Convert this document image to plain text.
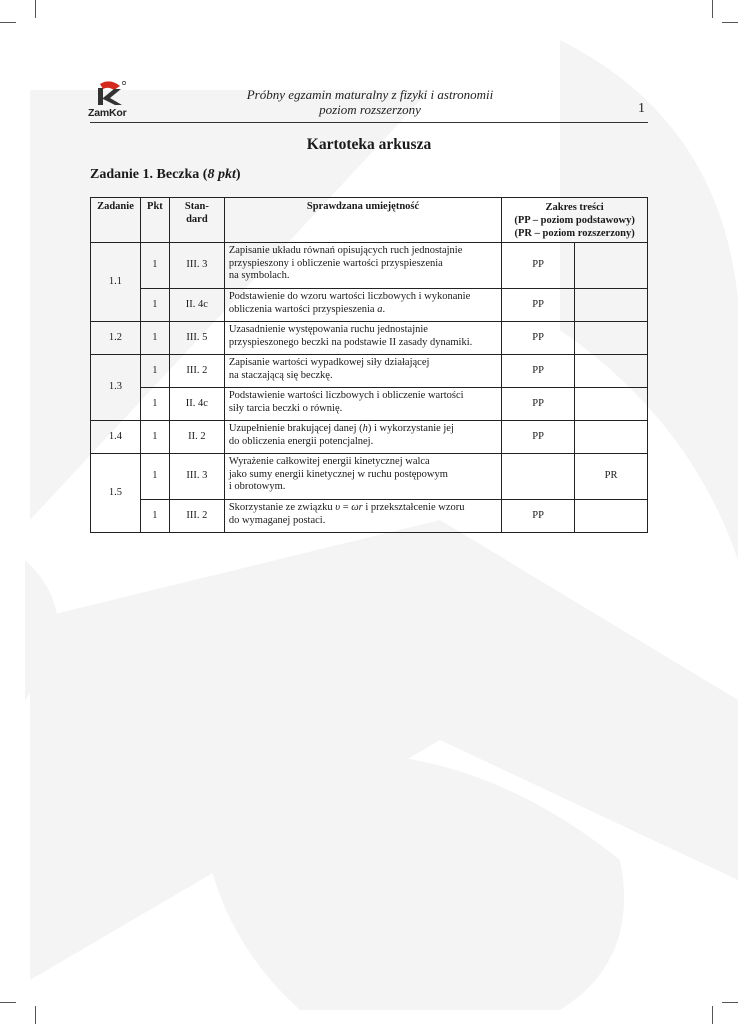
ZamKor
Próbny egzamin maturalny z fizyki i astronomii
poziom rozszerzony	1
Kartoteka arkusza
Zadanie 1. Beczka (8 pkt)
Zadanie	Pkt	Stan-
dard	Sprawdzana umiejętność	Zakres treści
(PP – poziom podstawowy)
(PR – poziom rozszerzony)	
1.1	1	III. 3	Zapisanie układu równań opisujących ruch jednostajnie
przyspieszony i obliczenie wartości przyspieszenia
na symbolach.	PP	
	1	II. 4c	Podstawienie do wzoru wartości liczbowych i wykonanie
obliczenia wartości przyspieszenia a.	PP	
1.2	1	III. 5	Uzasadnienie występowania ruchu jednostajnie
przyspieszonego beczki na podstawie II zasady dynamiki.	PP	
1.3	1	III. 2	Zapisanie wartości wypadkowej siły działającej
na staczającą się beczkę.	PP	
	1	II. 4c	Podstawienie wartości liczbowych i obliczenie wartości
siły tarcia beczki o równię.	PP	
1.4	1	II. 2	Uzupełnienie brakującej danej (h) i wykorzystanie jej
do obliczenia energii potencjalnej.	PP	
1.5	1	III. 3	Wyrażenie całkowitej energii kinetycznej walca
jako sumy energii kinetycznej w ruchu postępowym
i obrotowym.		PR
	1	III. 2	Skorzystanie ze związku υ = ωr i przekształcenie wzoru
do wymaganej postaci.	PP	
